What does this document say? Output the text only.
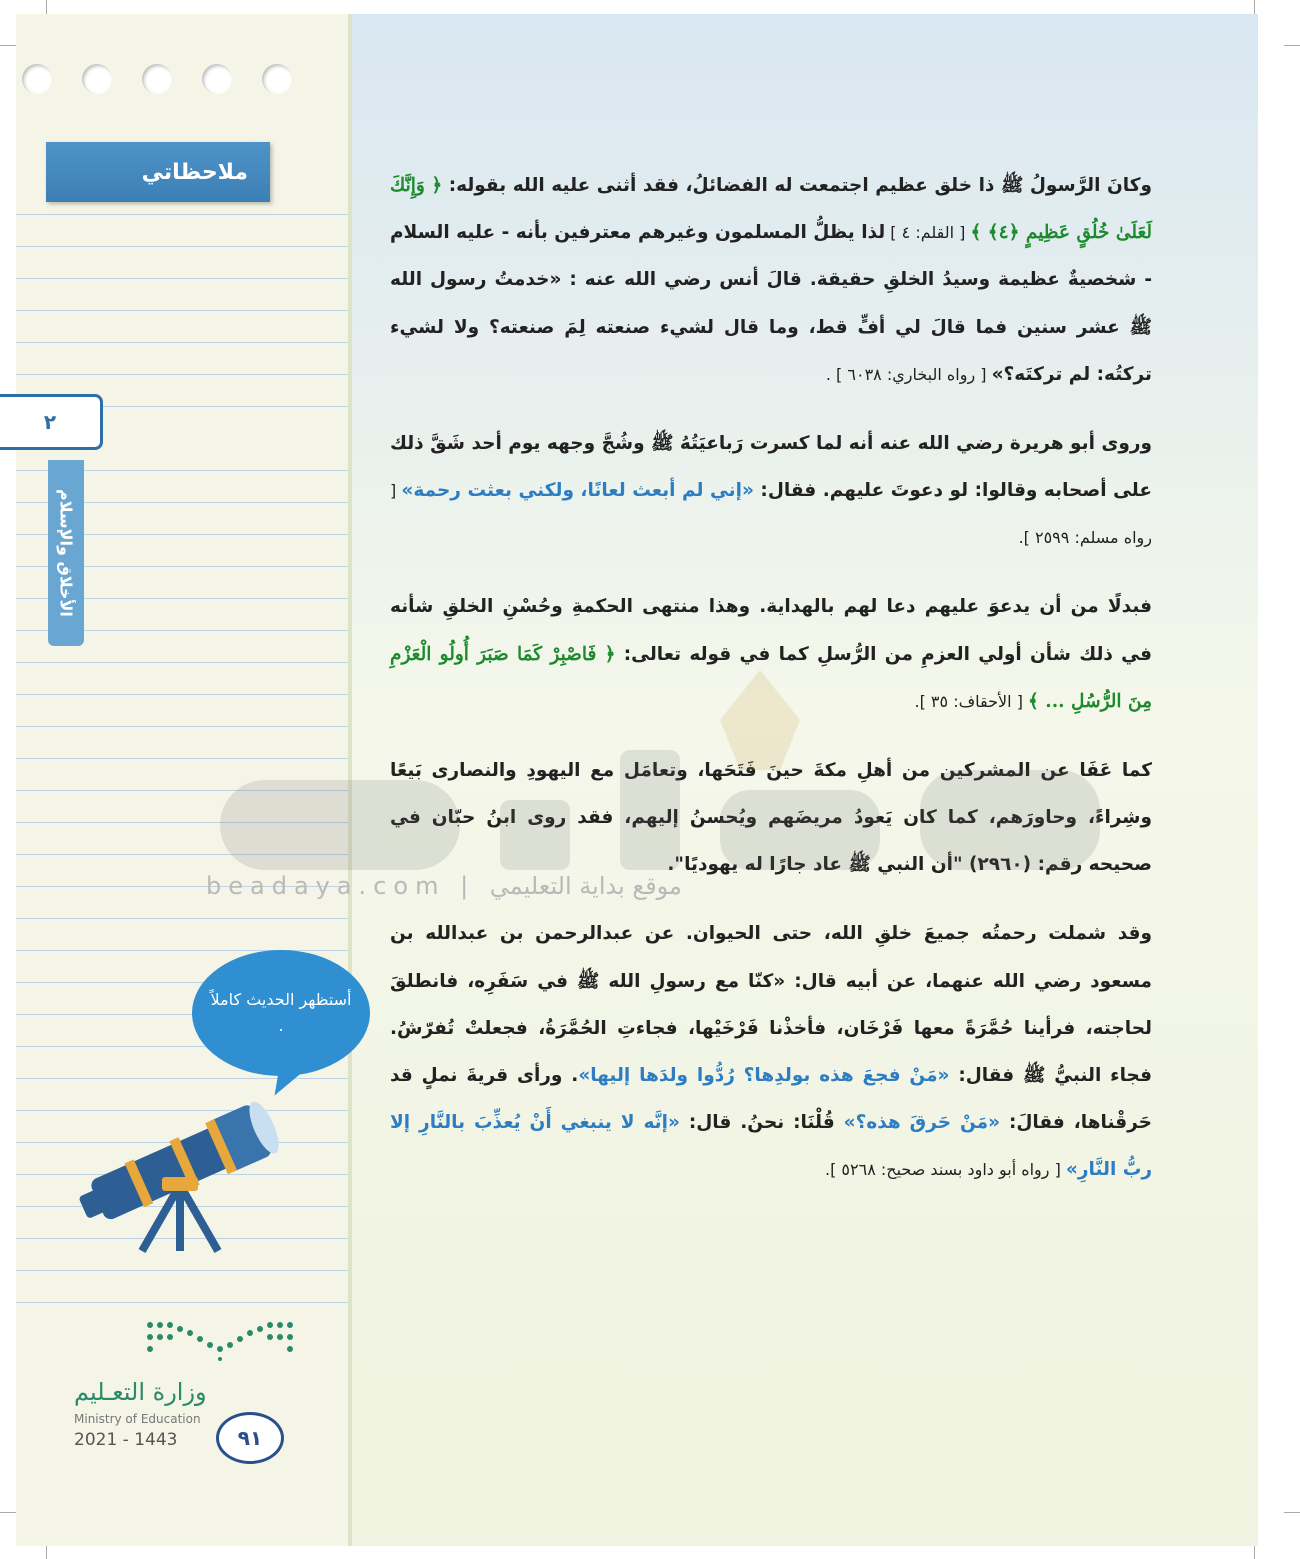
ملاحظاتي
٢
الأخلاق والإسلام
أستظهر الحديث كاملاً .
وزارة التعـليم
Ministry of Education
2021 - 1443	٩١

وكانَ الرَّسولُ ﷺ ذا خلق عظيم اجتمعت له الفضائلُ، فقد أثنى عليه الله بقوله: ﴿ وَإِنَّكَ لَعَلَىٰ خُلُقٍ عَظِيمٍ ﴿٤﴾ ﴾ [ القلم: ٤ ] لذا يظلُّ المسلمون وغيرهم معترفين بأنه - عليه السلام - شخصيةٌ عظيمة وسيدُ الخلقِ حقيقة. قالَ أنس رضي الله عنه : «خدمتُ رسول الله ﷺ عشر سنين فما قالَ لي أفٍّ قط، وما قال لشيء صنعته لِمَ صنعته؟ ولا لشيء تركتُه: لم تركتَه؟» [ رواه البخاري: ٦٠٣٨ ] .

وروى أبو هريرة رضي الله عنه أنه لما كسرت رَباعيَتُهُ ﷺ وشُجَّ وجهه يوم أحد شَقَّ ذلك على أصحابه وقالوا: لو دعوتَ عليهم. فقال: «إني لم أبعث لعانًا، ولكني بعثت رحمة» [ رواه مسلم: ٢٥٩٩ ].

فبدلًا من أن يدعوَ عليهم دعا لهم بالهداية. وهذا منتهى الحكمةِ وحُسْنِ الخلقِ شأنه في ذلك شأن أولي العزمِ من الرُّسلِ كما في قوله تعالى: ﴿ فَاصْبِرْ كَمَا صَبَرَ أُولُو الْعَزْمِ مِنَ الرُّسُلِ ... ﴾ [ الأحقاف: ٣٥ ].

كما عَفَا عن المشركين من أهلِ مكةَ حينَ فَتَحَها، وتعامَل مع اليهودِ والنصارى بَيعًا وشِراءً، وحاورَهم، كما كان يَعودُ مريضَهم ويُحسنُ إليهم، فقد روى ابنُ حبّان في صحيحه رقم: (٢٩٦٠) "أن النبي ﷺ عاد جارًا له يهوديًا".

وقد شملت رحمتُه جميعَ خلقِ الله، حتى الحيوان. عن عبدالرحمن بن عبدالله بن مسعود رضي الله عنهما، عن أبيه قال: «كنّا مع رسولِ الله ﷺ في سَفَرِه، فانطلقَ لحاجته، فرأينا حُمَّرَةً معها فَرْخَان، فأخذْنا فَرْخَيْها، فجاءتِ الحُمَّرَةُ، فجعلتْ تُفرّشُ. فجاء النبيُّ ﷺ فقال: «مَنْ فجعَ هذه بولدِها؟ رُدُّوا ولدَها إليها». ورأى قريةَ نملٍ قد حَرقْناها، فقالَ: «مَنْ حَرقَ هذه؟» قُلْنَا: نحنُ. قال: «إنَّه لا ينبغي أَنْ يُعذِّبَ بالنَّارِ إلا ربُّ النَّارِ» [ رواه أبو داود بسند صحيح: ٥٢٦٨ ].

beadaya.com | موقع بداية التعليمي
